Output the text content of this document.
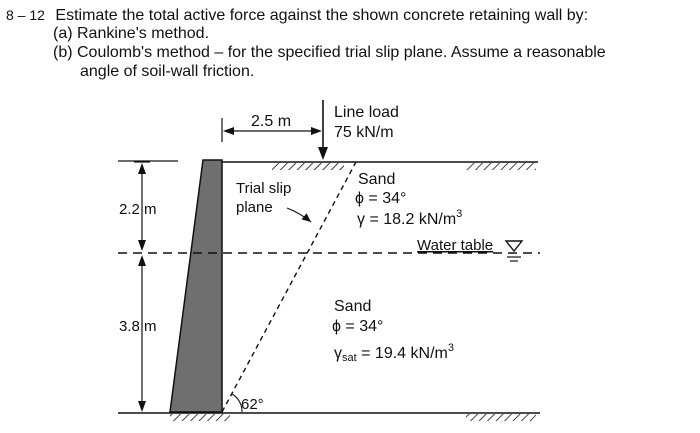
8 – 12 Estimate the total active force against the shown concrete retaining wall by:
(a) Rankine's method.
(b) Coulomb's method – for the specified trial slip plane. Assume a reasonable
angle of soil-wall friction.
Line load
75 kN/m
2.5 m
2.2 m
3.8 m
Trial slip
plane
Sand
ϕ = 34°
γ = 18.2 $kN/m^3$
Water table
Sand
ϕ = 34°
γsat = 19.4 $kN/m^3$
62°
